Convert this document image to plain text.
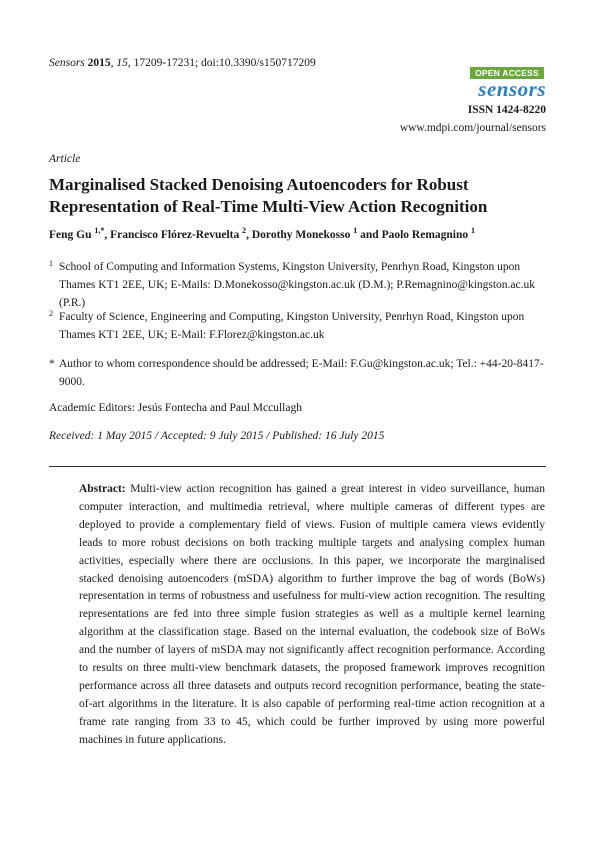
Sensors 2015, 15, 17209-17231; doi:10.3390/s150717209
OPEN ACCESS
sensors
ISSN 1424-8220
www.mdpi.com/journal/sensors
Article
Marginalised Stacked Denoising Autoencoders for Robust Representation of Real-Time Multi-View Action Recognition
Feng Gu $^{1,*}$, Francisco Flórez-Revuelta $^2$, Dorothy Monekosso $^1$ and Paolo Remagnino $^1$
1 School of Computing and Information Systems, Kingston University, Penrhyn Road, Kingston upon Thames KT1 2EE, UK; E-Mails: D.Monekosso@kingston.ac.uk (D.M.); P.Remagnino@kingston.ac.uk (P.R.)
2 Faculty of Science, Engineering and Computing, Kingston University, Penrhyn Road, Kingston upon Thames KT1 2EE, UK; E-Mail: F.Florez@kingston.ac.uk
* Author to whom correspondence should be addressed; E-Mail: F.Gu@kingston.ac.uk; Tel.: +44-20-8417-9000.
Academic Editors: Jesús Fontecha and Paul Mccullagh
Received: 1 May 2015 / Accepted: 9 July 2015 / Published: 16 July 2015
Abstract: Multi-view action recognition has gained a great interest in video surveillance, human computer interaction, and multimedia retrieval, where multiple cameras of different types are deployed to provide a complementary field of views. Fusion of multiple camera views evidently leads to more robust decisions on both tracking multiple targets and analysing complex human activities, especially where there are occlusions. In this paper, we incorporate the marginalised stacked denoising autoencoders (mSDA) algorithm to further improve the bag of words (BoWs) representation in terms of robustness and usefulness for multi-view action recognition. The resulting representations are fed into three simple fusion strategies as well as a multiple kernel learning algorithm at the classification stage. Based on the internal evaluation, the codebook size of BoWs and the number of layers of mSDA may not significantly affect recognition performance. According to results on three multi-view benchmark datasets, the proposed framework improves recognition performance across all three datasets and outputs record recognition performance, beating the state-of-art algorithms in the literature. It is also capable of performing real-time action recognition at a frame rate ranging from 33 to 45, which could be further improved by using more powerful machines in future applications.
